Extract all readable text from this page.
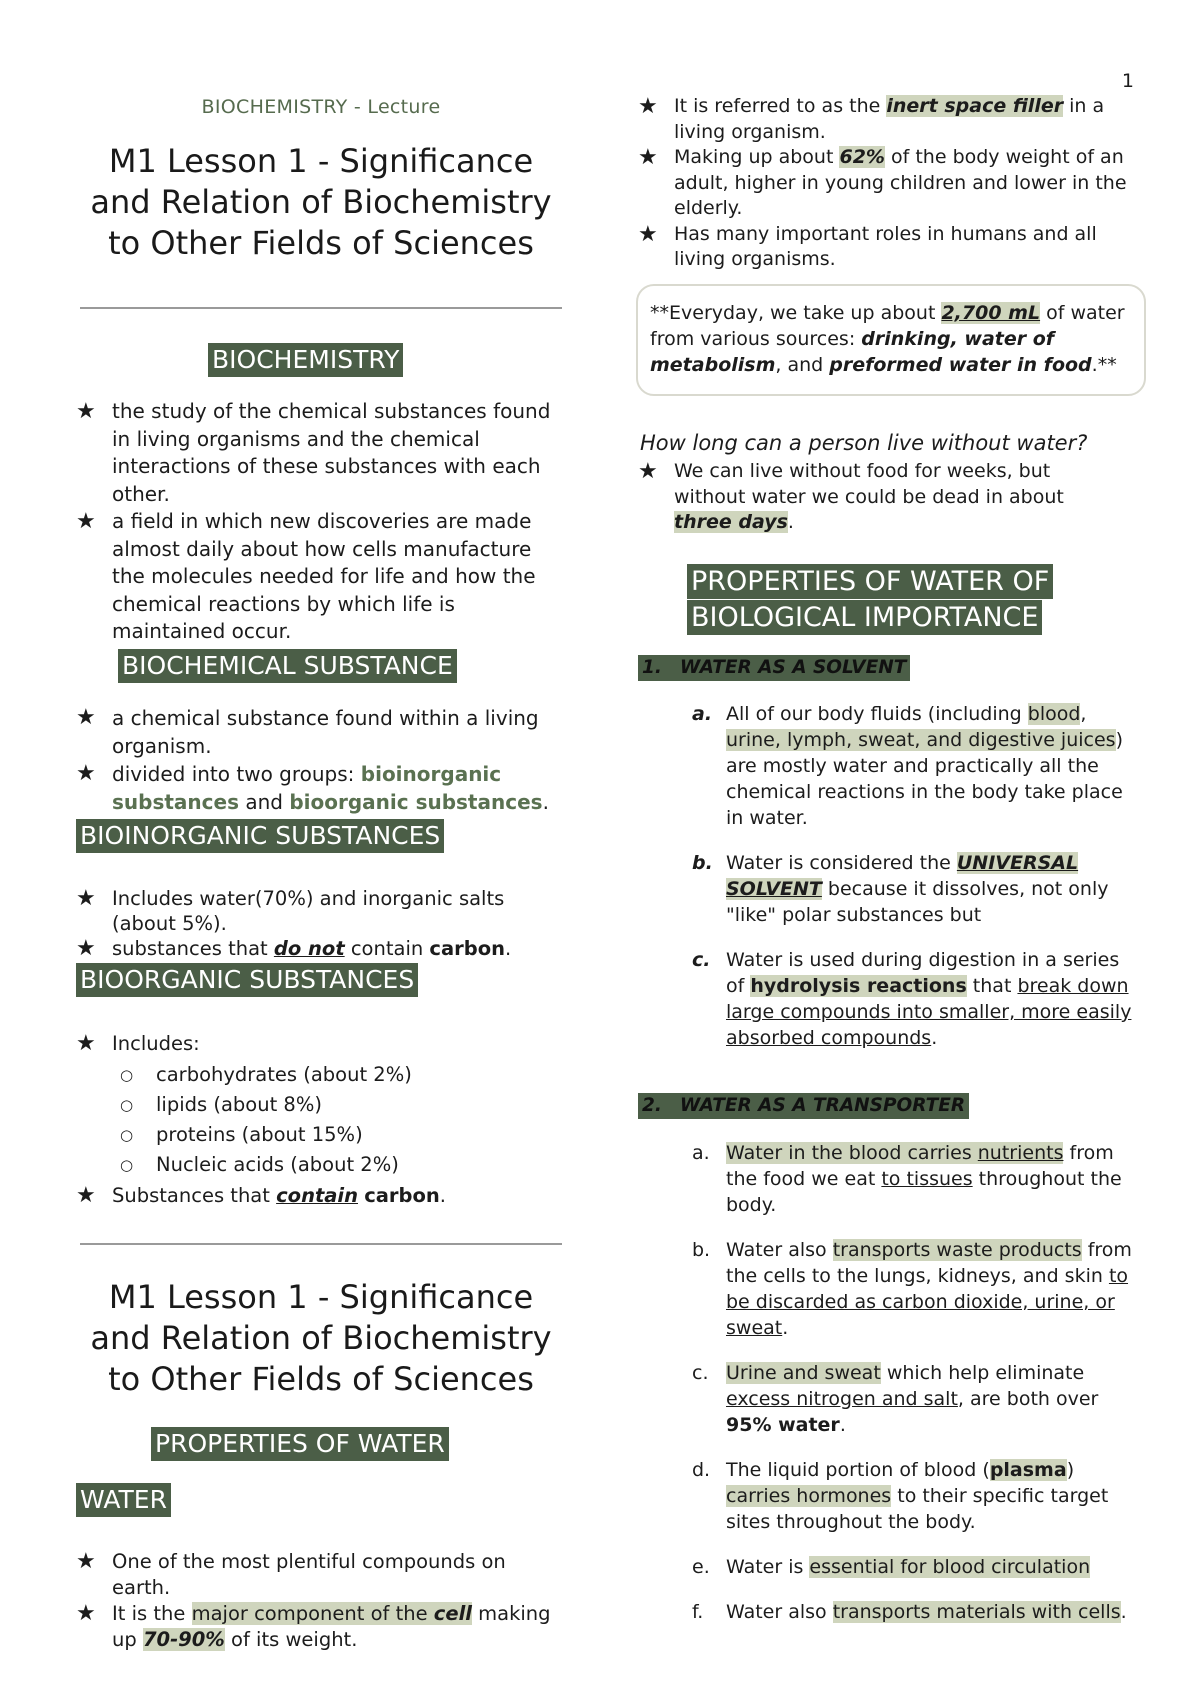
1
BIOCHEMISTRY - Lecture
M1 Lesson 1 - Significance
and Relation of Biochemistry
to Other Fields of Sciences
BIOCHEMISTRY
★ the study of the chemical substances found in living organisms and the chemical interactions of these substances with each other.
★ a field in which new discoveries are made almost daily about how cells manufacture the molecules needed for life and how the chemical reactions by which life is maintained occur.
BIOCHEMICAL SUBSTANCE
★ a chemical substance found within a living organism.
★ divided into two groups: bioinorganic substances and bioorganic substances.
BIOINORGANIC SUBSTANCES
★ Includes water(70%) and inorganic salts (about 5%).
★ substances that do not contain carbon.
BIOORGANIC SUBSTANCES
★ Includes:
○ carbohydrates (about 2%)
○ lipids (about 8%)
○ proteins (about 15%)
○ Nucleic acids (about 2%)
★ Substances that contain carbon.
M1 Lesson 1 - Significance
and Relation of Biochemistry
to Other Fields of Sciences
PROPERTIES OF WATER
WATER
★ One of the most plentiful compounds on earth.
★ It is the major component of the cell making up 70-90% of its weight.
★ It is referred to as the inert space filler in a living organism.
★ Making up about 62% of the body weight of an adult, higher in young children and lower in the elderly.
★ Has many important roles in humans and all living organisms.
**Everyday, we take up about 2,700 mL of water from various sources: drinking, water of metabolism, and preformed water in food.**
How long can a person live without water?
★ We can live without food for weeks, but without water we could be dead in about three days.
PROPERTIES OF WATER OF
BIOLOGICAL IMPORTANCE
1. WATER AS A SOLVENT
a. All of our body fluids (including blood, urine, lymph, sweat, and digestive juices) are mostly water and practically all the chemical reactions in the body take place in water.
b. Water is considered the UNIVERSAL SOLVENT because it dissolves, not only "like" polar substances but
c. Water is used during digestion in a series of hydrolysis reactions that break down large compounds into smaller, more easily absorbed compounds.
2. WATER AS A TRANSPORTER
a. Water in the blood carries nutrients from the food we eat to tissues throughout the body.
b. Water also transports waste products from the cells to the lungs, kidneys, and skin to be discarded as carbon dioxide, urine, or sweat.
c. Urine and sweat which help eliminate excess nitrogen and salt, are both over 95% water.
d. The liquid portion of blood (plasma) carries hormones to their specific target sites throughout the body.
e. Water is essential for blood circulation
f. Water also transports materials with cells.
